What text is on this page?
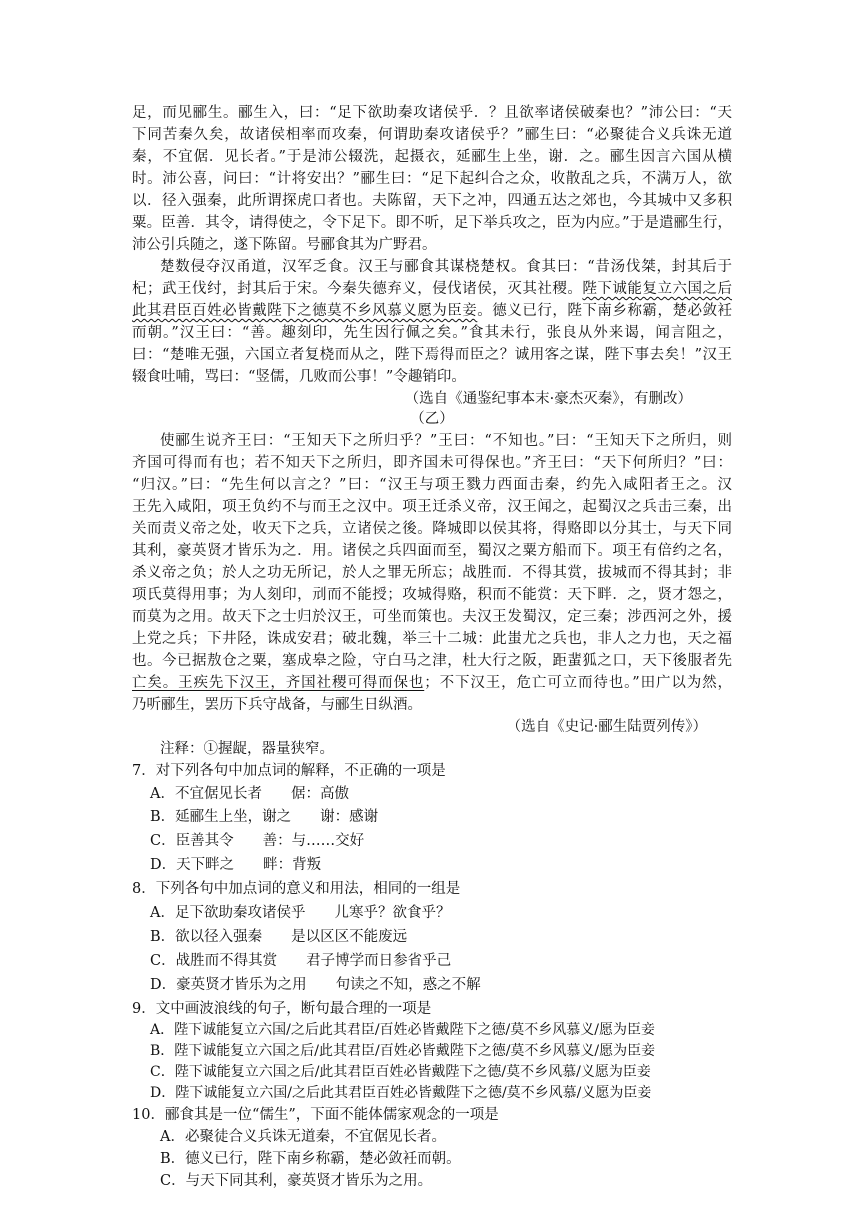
足，而见郦生。郦生入，曰：“足下欲助秦攻诸侯乎．？且欲率诸侯破秦也？”沛公曰：“天
下同苦秦久矣，故诸侯相率而攻秦，何谓助秦攻诸侯乎？”郦生曰：“必聚徒合义兵诛无道
秦，不宜倨．见长者。”于是沛公辍洗，起摄衣，延郦生上坐，谢．之。郦生因言六国从横
时。沛公喜，问曰：“计将安出？”郦生曰：“足下起纠合之众，收散乱之兵，不满万人，欲
以．径入强秦，此所谓探虎口者也。夫陈留，天下之冲，四通五达之郊也，今其城中又多积
粟。臣善．其令，请得使之，令下足下。即不听，足下举兵攻之，臣为内应。”于是遣郦生行，
沛公引兵随之，遂下陈留。号郦食其为广野君。
楚数侵夺汉甬道，汉军乏食。汉王与郦食其谋桡楚权。食其曰：“昔汤伐桀，封其后于
杞；武王伐纣，封其后于宋。今秦失德弃义，侵伐诸侯，灭其社稷。陛下诚能复立六国之后
此其君臣百姓必皆戴陛下之德莫不乡风慕义愿为臣妾。德义已行，陛下南乡称霸，楚必敛衽
而朝。”汉王曰：“善。趣刻印，先生因行佩之矣。”食其未行，张良从外来谒，闻言阻之，
曰：“楚唯无强，六国立者复桡而从之，陛下焉得而臣之？诚用客之谋，陛下事去矣！”汉王
辍食吐哺，骂曰：“竖儒，几败而公事！”令趣销印。
（选自《通鉴纪事本末·豪杰灭秦》，有删改）
（乙）
使郦生说齐王曰：“王知天下之所归乎？”王曰：“不知也。”曰：“王知天下之所归，则
齐国可得而有也；若不知天下之所归，即齐国未可得保也。”齐王曰：“天下何所归？”曰：
“归汉。”曰：“先生何以言之？”曰：“汉王与项王戮力西面击秦，约先入咸阳者王之。汉
王先入咸阳，项王负约不与而王之汉中。项王迁杀义帝，汉王闻之，起蜀汉之兵击三秦，出
关而责义帝之处，收天下之兵，立诸侯之後。降城即以侯其将，得赂即以分其士，与天下同
其利，豪英贤才皆乐为之．用。诸侯之兵四面而至，蜀汉之粟方船而下。项王有倍约之名，
杀义帝之负；於人之功无所记，於人之罪无所忘；战胜而．不得其赏，拔城而不得其封；非
项氏莫得用事；为人刻印，刓而不能授；攻城得赂，积而不能赏：天下畔．之，贤才怨之，
而莫为之用。故天下之士归於汉王，可坐而策也。夫汉王发蜀汉，定三秦；涉西河之外，援
上党之兵；下井陉，诛成安君；破北魏，举三十二城：此蚩尤之兵也，非人之力也，天之福
也。今已据敖仓之粟，塞成皋之险，守白马之津，杜大行之阪，距蜚狐之口，天下後服者先
亡矣。王疾先下汉王，齐国社稷可得而保也；不下汉王，危亡可立而待也。”田广以为然，
乃听郦生，罢历下兵守战备，与郦生日纵酒。
（选自《史记·郦生陆贾列传》）
注释：①握龊，器量狭窄。
7．对下列各句中加点词的解释，不正确的一项是
A．不宜倨见长者　　倨：高傲
B．延郦生上坐，谢之　　谢：感谢
C．臣善其令　　善：与……交好
D．天下畔之　　畔：背叛
8．下列各句中加点词的意义和用法，相同的一组是
A．足下欲助秦攻诸侯乎　　儿寒乎？欲食乎？
B．欲以径入强秦　　是以区区不能废远
C．战胜而不得其赏　　君子博学而日参省乎己
D．豪英贤才皆乐为之用　　句读之不知，惑之不解
9．文中画波浪线的句子，断句最合理的一项是
A．陛下诚能复立六国/之后此其君臣/百姓必皆戴陛下之德/莫不乡风慕义/愿为臣妾
B．陛下诚能复立六国之后/此其君臣/百姓必皆戴陛下之德/莫不乡风慕义/愿为臣妾
C．陛下诚能复立六国之后/此其君臣百姓必皆戴陛下之德/莫不乡风慕/义愿为臣妾
D．陛下诚能复立六国/之后此其君臣百姓必皆戴陛下之德/莫不乡风慕/义愿为臣妾
10．郦食其是一位“儒生”，下面不能体儒家观念的一项是
A．必聚徒合义兵诛无道秦，不宜倨见长者。
B．德义已行，陛下南乡称霸，楚必敛衽而朝。
C．与天下同其利，豪英贤才皆乐为之用。
